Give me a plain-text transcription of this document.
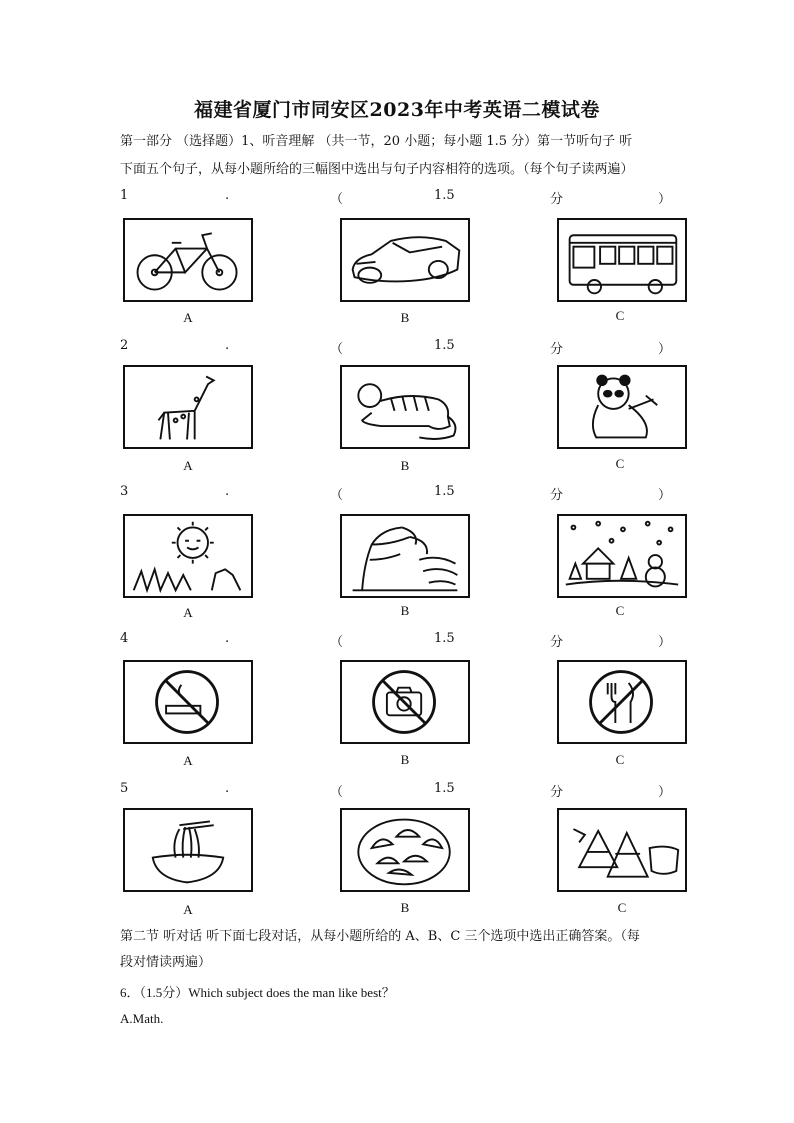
福建省厦门市同安区2023年中考英语二模试卷
第一部分 （选择题）1、听音理解 （共一节，20 小题；每小题 1.5 分）第一节听句子 听
下面五个句子，从每小题所给的三幅图中选出与句子内容相符的选项。（每个句子读两遍）
1	.	（	1.5	分	）
A	B	C
2	.	（	1.5	分	）
A	B	C
3	.	（	1.5	分	）
A	B	C
4	.	（	1.5	分	）
A	B	C
5	.	（	1.5	分	）
A	B	C
第二节 听对话 听下面七段对话，从每小题所给的 A、B、C 三个选项中选出正确答案。（每
段对情读两遍）
6．（1.5分）Which subject does the man like best？
A.Math.
